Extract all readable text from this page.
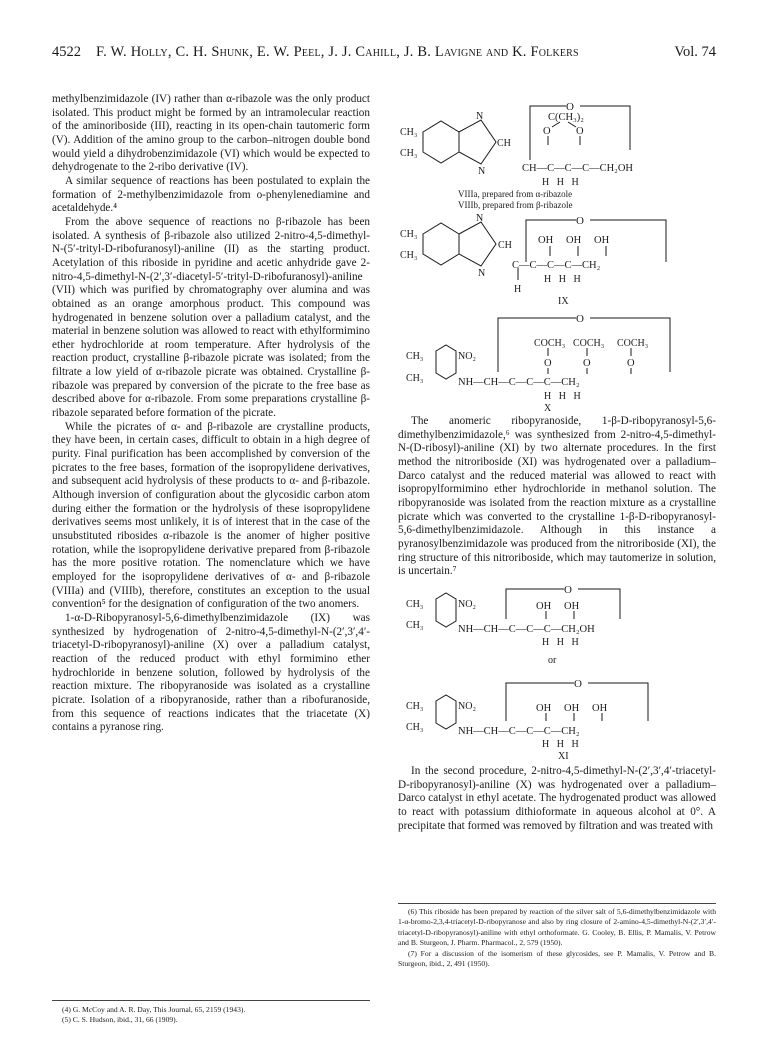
4522 F. W. Holly, C. H. Shunk, E. W. Peel, J. J. Cahill, J. B. Lavigne and K. Folkers	Vol. 74

methylbenzimidazole (IV) rather than α-ribazole was the only product isolated. This product might be formed by an intramolecular reaction of the aminoriboside (III), reacting in its open-chain tautomeric form (V). Addition of the amino group to the carbon–nitrogen double bond would yield a dihydrobenzimidazole (VI) which would be expected to dehydrogenate to the 2-ribo derivative (IV).

A similar sequence of reactions has been postulated to explain the formation of 2-methylbenzimidazole from o-phenylenediamine and acetaldehyde.⁴

From the above sequence of reactions no β-ribazole has been isolated. A synthesis of β-ribazole also utilized 2-nitro-4,5-dimethyl-N-(5′-trityl-D-ribofuranosyl)-aniline (II) as the starting product. Acetylation of this riboside in pyridine and acetic anhydride gave 2-nitro-4,5-dimethyl-N-(2′,3′-diacetyl-5′-trityl-D-ribofuranosyl)-aniline (VII) which was purified by chromatography over alumina and was obtained as an orange amorphous product. This compound was hydrogenated in benzene solution over a palladium catalyst, and the material in benzene solution was allowed to react with ethylformimino ether hydrochloride at room temperature. After hydrolysis of the reaction product, crystalline β-ribazole picrate was isolated; from the filtrate a low yield of α-ribazole picrate was obtained. Crystalline β-ribazole was prepared by conversion of the picrate to the free base as described above for α-ribazole. From some preparations crystalline β-ribazole separated before formation of the picrate.

While the picrates of α- and β-ribazole are crystalline products, they have been, in certain cases, difficult to obtain in a high degree of purity. Final purification has been accomplished by conversion of the picrates to the free bases, formation of the isopropylidene derivatives, and subsequent acid hydrolysis of these products to α- and β-ribazole. Although inversion of configuration about the glycosidic carbon atom during either the formation or the hydrolysis of these isopropylidene derivatives seems most unlikely, it is of interest that in the case of the unsubstituted ribosides α-ribazole is the anomer of higher positive rotation, while the isopropylidene derivative prepared from β-ribazole has the more positive rotation. The nomenclature which we have employed for the isopropylidene derivatives of α- and β-ribazole (VIIIa) and (VIIIb), therefore, constitutes an exception to the usual convention⁵ for the designation of configuration of the two anomers.

1-α-D-Ribopyranosyl-5,6-dimethylbenzimidazole (IX) was synthesized by hydrogenation of 2-nitro-4,5-dimethyl-N-(2′,3′,4′-triacetyl-D-ribopyranosyl)-aniline (X) over a palladium catalyst, reaction of the reduced product with ethyl formimino ether hydrochloride in benzene solution, followed by hydrolysis of the reaction mixture. The ribopyranoside was isolated as a crystalline picrate. Isolation of a ribopyranoside, rather than a ribofuranoside, from this sequence of reactions indicates that the triacetate (X) contains a pyranose ring.

(4) G. McCoy and A. R. Day, This Journal, 65, 2159 (1943).

(5) C. S. Hudson, ibid., 31, 66 (1909).

O
C(CH₃)₂
O O
CH₃
CH₃
N
CH
N	CH—C—C—C—CH₂OH
H   H   H
VIIIa, prepared from α-ribazole
VIIIb, prepared from β-ribazole
O
CH₃
CH₃
N
CH
N
OH OH OH
C—C—C—C—CH₂
H   H   H
H
IX
O
COCH₃ COCH₃ COCH₃
O	O	O
CH₃
CH₃
NO₂
NH—CH—C—C—C—CH₂
H   H   H
X

The anomeric ribopyranoside, 1-β-D-ribopyranosyl-5,6-dimethylbenzimidazole,⁶ was synthesized from 2-nitro-4,5-dimethyl-N-(D-ribosyl)-aniline (XI) by two alternate procedures. In the first method the nitroriboside (XI) was hydrogenated over a palladium–Darco catalyst and the reduced material was allowed to react with isopropylformimino ether hydrochloride in methanol solution. The ribopyranoside was isolated from the reaction mixture as a crystalline picrate which was converted to the crystalline 1-β-D-ribopyranosyl-5,6-dimethylbenzimidazole. Although in this instance a pyranosylbenzimidazole was produced from the nitroriboside (XI), the ring structure of this nitroriboside, which may tautomerize in solution, is uncertain.⁷

O
CH₃
CH₃
NO₂	OH OH
NH—CH—C—C—C—CH₂OH
H   H   H
or
O
CH₃
CH₃
NO₂	OH OH OH
NH—CH—C—C—C—CH₂
H   H   H
XI

In the second procedure, 2-nitro-4,5-dimethyl-N-(2′,3′,4′-triacetyl-D-ribopyranosyl)-aniline (X) was hydrogenated over a palladium–Darco catalyst in ethyl acetate. The hydrogenated product was allowed to react with potassium dithioformate in aqueous alcohol at 0°. A precipitate that formed was removed by filtration and was treated with

(6) This riboside has been prepared by reaction of the silver salt of 5,6-dimethylbenzimidazole with 1-α-bromo-2,3,4-triacetyl-D-ribopyranose and also by ring closure of 2-amino-4,5-dimethyl-N-(2′,3′,4′-triacetyl-D-ribopyranosyl)-aniline with ethyl orthoformate. G. Cooley, B. Ellis, P. Mamalis, V. Petrow and B. Sturgeon, J. Pharm. Pharmacol., 2, 579 (1950).

(7) For a discussion of the isomerism of these glycosides, see P. Mamalis, V. Petrow and B. Sturgeon, ibid., 2, 491 (1950).
